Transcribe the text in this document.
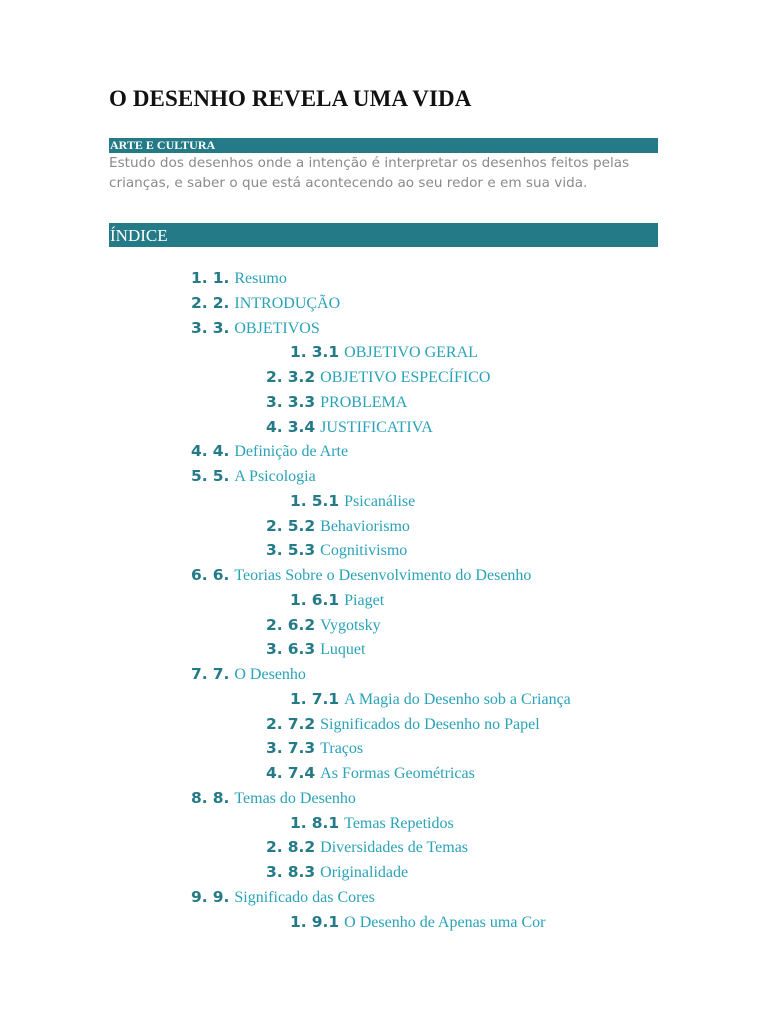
O DESENHO REVELA UMA VIDA
ARTE E CULTURA

Estudo dos desenhos onde a intenção é interpretar os desenhos feitos pelas crianças, e saber o que está acontecendo ao seu redor e em sua vida.

ÍNDICE
1. 1. Resumo
2. 2. INTRODUÇÃO
3. 3. OBJETIVOS
1. 3.1 OBJETIVO GERAL
2. 3.2 OBJETIVO ESPECÍFICO
3. 3.3 PROBLEMA
4. 3.4 JUSTIFICATIVA
4. 4. Definição de Arte
5. 5. A Psicologia
1. 5.1 Psicanálise
2. 5.2 Behaviorismo
3. 5.3 Cognitivismo
6. 6. Teorias Sobre o Desenvolvimento do Desenho
1. 6.1 Piaget
2. 6.2 Vygotsky
3. 6.3 Luquet
7. 7. O Desenho
1. 7.1 A Magia do Desenho sob a Criança
2. 7.2 Significados do Desenho no Papel
3. 7.3 Traços
4. 7.4 As Formas Geométricas
8. 8. Temas do Desenho
1. 8.1 Temas Repetidos
2. 8.2 Diversidades de Temas
3. 8.3 Originalidade
9. 9. Significado das Cores
1. 9.1 O Desenho de Apenas uma Cor
